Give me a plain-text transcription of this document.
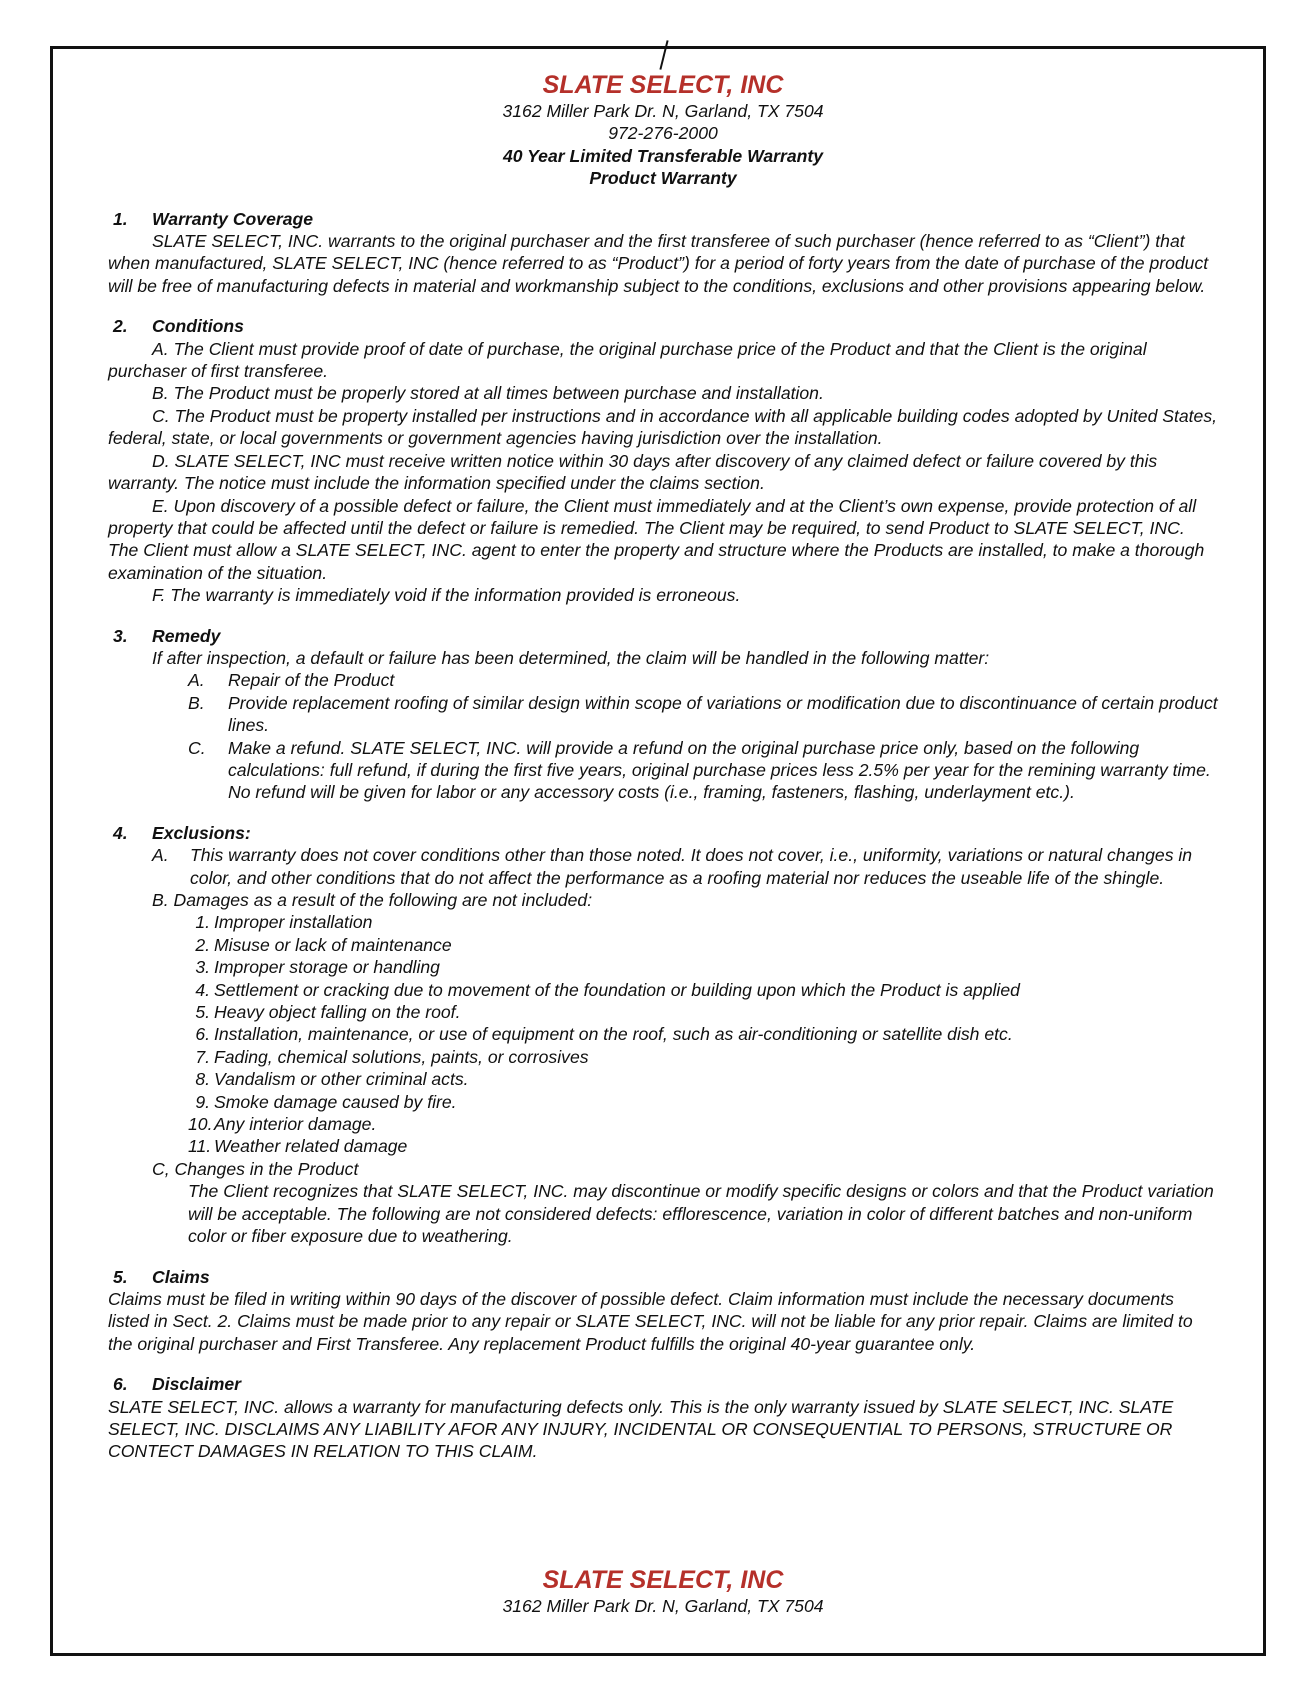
SLATE SELECT, INC
3162 Miller Park Dr. N, Garland, TX 7504
972-276-2000
40 Year Limited Transferable Warranty
Product Warranty
1.	Warranty Coverage

SLATE SELECT, INC. warrants to the original purchaser and the first transferee of such purchaser (hence referred to as “Client”) that when manufactured, SLATE SELECT, INC (hence referred to as “Product”) for a period of forty years from the date of purchase of the product will be free of manufacturing defects in material and workmanship subject to the conditions, exclusions and other provisions appearing below.

2.	Conditions

A. The Client must provide proof of date of purchase, the original purchase price of the Product and that the Client is the original purchaser of first transferee.

B. The Product must be properly stored at all times between purchase and installation.

C. The Product must be property installed per instructions and in accordance with all applicable building codes adopted by United States, federal, state, or local governments or government agencies having jurisdiction over the installation.

D. SLATE SELECT, INC must receive written notice within 30 days after discovery of any claimed defect or failure covered by this warranty. The notice must include the information specified under the claims section.

E. Upon discovery of a possible defect or failure, the Client must immediately and at the Client’s own expense, provide protection of all property that could be affected until the defect or failure is remedied. The Client may be required, to send Product to SLATE SELECT, INC. The Client must allow a SLATE SELECT, INC. agent to enter the property and structure where the Products are installed, to make a thorough examination of the situation.

F. The warranty is immediately void if the information provided is erroneous.

3.	Remedy
If after inspection, a default or failure has been determined, the claim will be handled in the following matter:
A.	Repair of the Product
B.	Provide replacement roofing of similar design within scope of variations or modification due to discontinuance of certain product lines.
C.	Make a refund. SLATE SELECT, INC. will provide a refund on the original purchase price only, based on the following calculations: full refund, if during the first five years, original purchase prices less 2.5% per year for the remining warranty time. No refund will be given for labor or any accessory costs (i.e., framing, fasteners, flashing, underlayment etc.).
4.	Exclusions:
A.	This warranty does not cover conditions other than those noted. It does not cover, i.e., uniformity, variations or natural changes in color, and other conditions that do not affect the performance as a roofing material nor reduces the useable life of the shingle.
B. Damages as a result of the following are not included:
1. Improper installation
2. Misuse or lack of maintenance
3. Improper storage or handling
4. Settlement or cracking due to movement of the foundation or building upon which the Product is applied
5. Heavy object falling on the roof.
6. Installation, maintenance, or use of equipment on the roof, such as air-conditioning or satellite dish etc.
7. Fading, chemical solutions, paints, or corrosives
8. Vandalism or other criminal acts.
9. Smoke damage caused by fire.
10. Any interior damage.
11. Weather related damage
C, Changes in the Product
The Client recognizes that SLATE SELECT, INC. may discontinue or modify specific designs or colors and that the Product variation will be acceptable. The following are not considered defects: efflorescence, variation in color of different batches and non-uniform color or fiber exposure due to weathering.
5.	Claims
Claims must be filed in writing within 90 days of the discover of possible defect. Claim information must include the necessary documents listed in Sect. 2. Claims must be made prior to any repair or SLATE SELECT, INC. will not be liable for any prior repair. Claims are limited to the original purchaser and First Transferee. Any replacement Product fulfills the original 40-year guarantee only.
6.	Disclaimer
SLATE SELECT, INC. allows a warranty for manufacturing defects only. This is the only warranty issued by SLATE SELECT, INC. SLATE SELECT, INC. DISCLAIMS ANY LIABILITY AFOR ANY INJURY, INCIDENTAL OR CONSEQUENTIAL TO PERSONS, STRUCTURE OR CONTECT DAMAGES IN RELATION TO THIS CLAIM.
SLATE SELECT, INC
3162 Miller Park Dr. N, Garland, TX 7504
